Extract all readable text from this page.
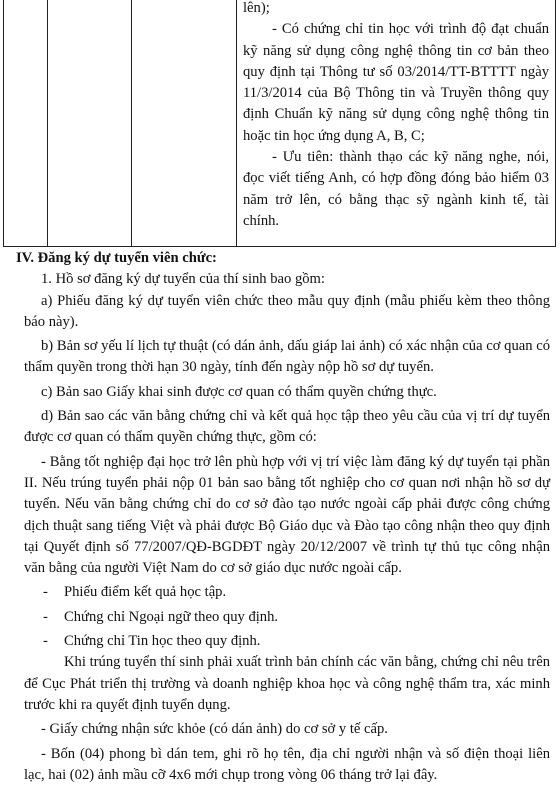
lên);

- Có chứng chỉ tin học với trình độ đạt chuẩn kỹ năng sử dụng công nghệ thông tin cơ bản theo quy định tại Thông tư số 03/2014/TT-BTTTT ngày 11/3/2014 của Bộ Thông tin và Truyền thông quy định Chuẩn kỹ năng sử dụng công nghệ thông tin hoặc tin học ứng dụng A, B, C;

- Ưu tiên: thành thạo các kỹ năng nghe, nói, đọc viết tiếng Anh, có hợp đồng đóng bảo hiểm 03 năm trở lên, có bằng thạc sỹ ngành kinh tế, tài chính.

IV. Đăng ký dự tuyển viên chức:

1. Hồ sơ đăng ký dự tuyển của thí sinh bao gồm:

a) Phiếu đăng ký dự tuyển viên chức theo mẫu quy định (mẫu phiếu kèm theo thông báo này).

b) Bản sơ yếu lí lịch tự thuật (có dán ảnh, dấu giáp lai ảnh) có xác nhận của cơ quan có thẩm quyền trong thời hạn 30 ngày, tính đến ngày nộp hồ sơ dự tuyển.

c) Bản sao Giấy khai sinh được cơ quan có thẩm quyền chứng thực.

d) Bản sao các văn bằng chứng chỉ và kết quả học tập theo yêu cầu của vị trí dự tuyển được cơ quan có thẩm quyền chứng thực, gồm có:

- Bằng tốt nghiệp đại học trở lên phù hợp với vị trí việc làm đăng ký dự tuyển tại phần II. Nếu trúng tuyển phải nộp 01 bản sao bằng tốt nghiệp cho cơ quan nơi nhận hồ sơ dự tuyển. Nếu văn bằng chứng chỉ do cơ sở đào tạo nước ngoài cấp phải được công chứng dịch thuật sang tiếng Việt và phải được Bộ Giáo dục và Đào tạo công nhận theo quy định tại Quyết định số 77/2007/QĐ-BGDĐT ngày 20/12/2007 về trình tự thủ tục công nhận văn bằng của người Việt Nam do cơ sở giáo dục nước ngoài cấp.

-	Phiếu điểm kết quả học tập.
-	Chứng chỉ Ngoại ngữ theo quy định.
-	Chứng chỉ Tin học theo quy định.

Khi trúng tuyển thí sinh phải xuất trình bản chính các văn bằng, chứng chỉ nêu trên để Cục Phát triển thị trường và doanh nghiệp khoa học và công nghệ thẩm tra, xác minh trước khi ra quyết định tuyển dụng.

- Giấy chứng nhận sức khỏe (có dán ảnh) do cơ sở y tế cấp.

- Bốn (04) phong bì dán tem, ghi rõ họ tên, địa chỉ người nhận và số điện thoại liên lạc, hai (02) ảnh mầu cỡ 4x6 mới chụp trong vòng 06 tháng trở lại đây.
